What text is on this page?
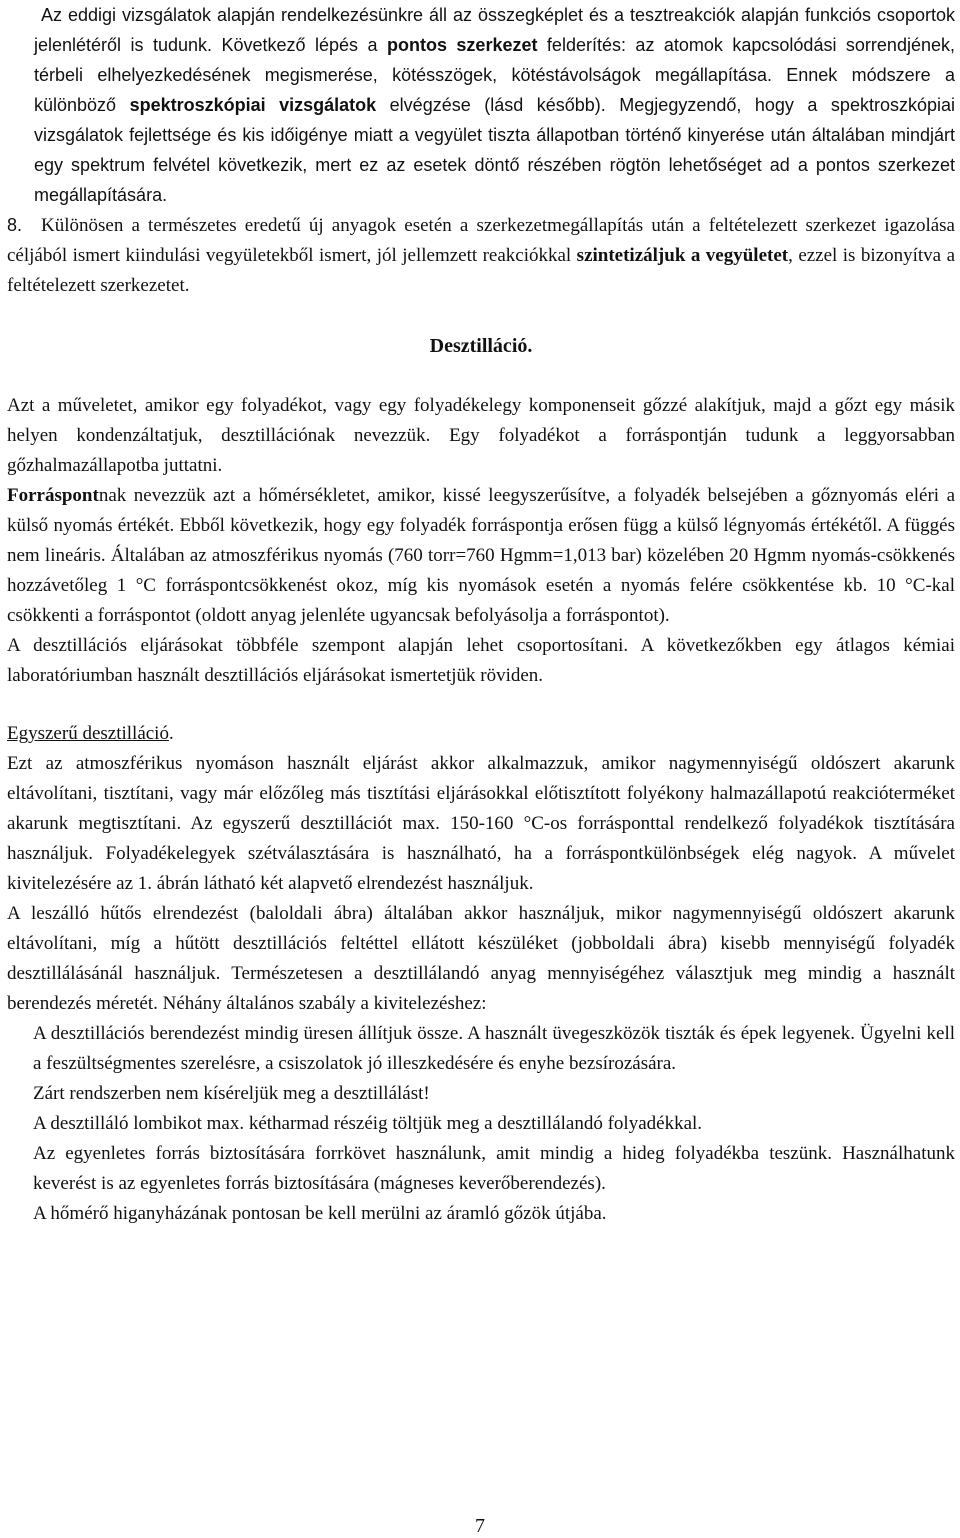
Az eddigi vizsgálatok alapján rendelkezésünkre áll az összegképlet és a tesztreakciók alapján funkciós csoportok jelenlétéről is tudunk. Következő lépés a pontos szerkezet felderítés: az atomok kapcsolódási sorrendjének, térbeli elhelyezkedésének megismerése, kötésszögek, kötéstávolságok megállapítása. Ennek módszere a különböző spektroszkópiai vizsgálatok elvégzése (lásd később). Megjegyzendő, hogy a spektroszkópiai vizsgálatok fejlettsége és kis időigénye miatt a vegyület tiszta állapotban történő kinyerése után általában mindjárt egy spektrum felvétel következik, mert ez az esetek döntő részében rögtön lehetőséget ad a pontos szerkezet megállapítására.

8. Különösen a természetes eredetű új anyagok esetén a szerkezetmegállapítás után a feltételezett szerkezet igazolása céljából ismert kiindulási vegyületekből ismert, jól jellemzett reakciókkal szintetizáljuk a vegyületet, ezzel is bizonyítva a feltételezett szerkezetet.

Desztilláció.

Azt a műveletet, amikor egy folyadékot, vagy egy folyadékelegy komponenseit gőzzé alakítjuk, majd a gőzt egy másik helyen kondenzáltatjuk, desztillációnak nevezzük. Egy folyadékot a forráspontján tudunk a leggyorsabban gőzhalmazállapotba juttatni.

Forráspontnak nevezzük azt a hőmérsékletet, amikor, kissé leegyszerűsítve, a folyadék belsejében a gőznyomás eléri a külső nyomás értékét. Ebből következik, hogy egy folyadék forráspontja erősen függ a külső légnyomás értékétől. A függés nem lineáris. Általában az atmoszférikus nyomás (760 torr=760 Hgmm=1,013 bar) közelében 20 Hgmm nyomás-csökkenés hozzávetőleg 1 °C forráspontcsökkenést okoz, míg kis nyomások esetén a nyomás felére csökkentése kb. 10 °C-kal csökkenti a forráspontot (oldott anyag jelenléte ugyancsak befolyásolja a forráspontot).

A desztillációs eljárásokat többféle szempont alapján lehet csoportosítani. A következőkben egy átlagos kémiai laboratóriumban használt desztillációs eljárásokat ismertetjük röviden.

Egyszerű desztilláció.

Ezt az atmoszférikus nyomáson használt eljárást akkor alkalmazzuk, amikor nagymennyiségű oldószert akarunk eltávolítani, tisztítani, vagy már előzőleg más tisztítási eljárásokkal előtisztított folyékony halmazállapotú reakcióterméket akarunk megtisztítani. Az egyszerű desztillációt max. 150-160 °C-os forrásponttal rendelkező folyadékok tisztítására használjuk. Folyadékelegyek szétválasztására is használható, ha a forráspontkülönbségek elég nagyok. A művelet kivitelezésére az 1. ábrán látható két alapvető elrendezést használjuk.

A leszálló hűtős elrendezést (baloldali ábra) általában akkor használjuk, mikor nagymennyiségű oldószert akarunk eltávolítani, míg a hűtött desztillációs feltéttel ellátott készüléket (jobboldali ábra) kisebb mennyiségű folyadék desztillálásánál használjuk. Természetesen a desztillálandó anyag mennyiségéhez választjuk meg mindig a használt berendezés méretét. Néhány általános szabály a kivitelezéshez:

A desztillációs berendezést mindig üresen állítjuk össze. A használt üvegeszközök tiszták és épek legyenek. Ügyelni kell a feszültségmentes szerelésre, a csiszolatok jó illeszkedésére és enyhe bezsírozására.

Zárt rendszerben nem kíséreljük meg a desztillálást!

A desztilláló lombikot max. kétharmad részéig töltjük meg a desztillálandó folyadékkal.

Az egyenletes forrás biztosítására forrkövet használunk, amit mindig a hideg folyadékba teszünk. Használhatunk keverést is az egyenletes forrás biztosítására (mágneses keverőberendezés).

A hőmérő higanyházának pontosan be kell merülni az áramló gőzök útjába.

7
